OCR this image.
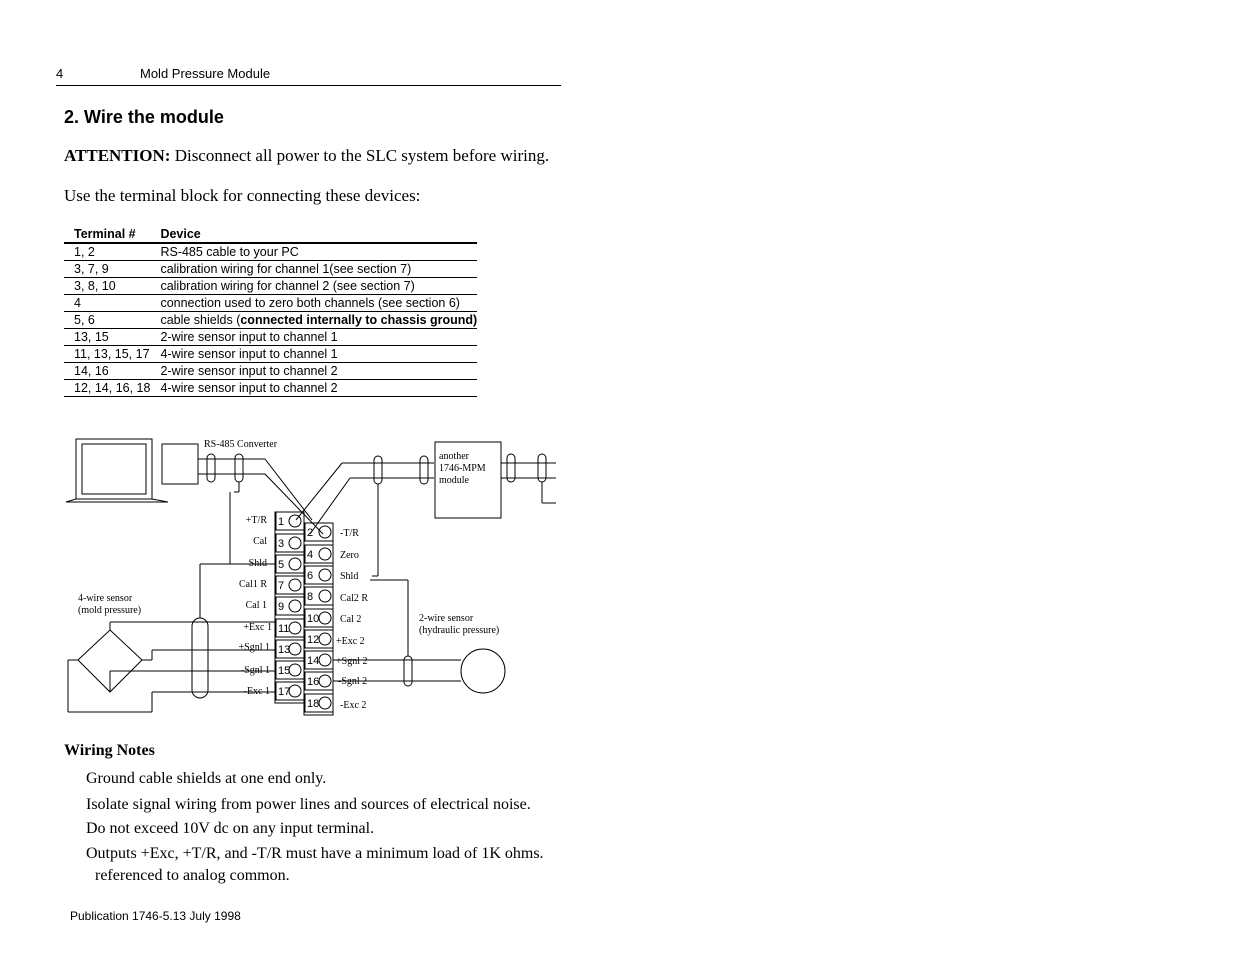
4	Mold Pressure Module
2. Wire the module
ATTENTION: Disconnect all power to the SLC system before wiring.
Use the terminal block for connecting these devices:
Terminal #	Device
1, 2	RS-485 cable to your PC
3, 7, 9	calibration wiring for channel 1(see section 7)
3, 8, 10	calibration wiring for channel 2 (see section 7)
4	connection used to zero both channels (see section 6)
5, 6	cable shields (connected internally to chassis ground)
13, 15	2-wire sensor input to channel 1
11, 13, 15, 17	4-wire sensor input to channel 1
14, 16	2-wire sensor input to channel 2
12, 14, 16, 18	4-wire sensor input to channel 2
RS-485 Converter
another
1746-MPM
module
1
3
5
7
9
11
13
15
17
2
4
6
8
10
12
14
16
18
+T/R
Cal
Shld
Cal1 R
Cal 1
+Exc 1
+Sgnl 1
-Sgnl 1
-Exc 1
-T/R
Zero
Shld
Cal2 R
Cal 2
+Exc 2
+Sgnl 2
-Sgnl 2
-Exc 2
4-wire sensor
(mold pressure)
2-wire sensor
(hydraulic pressure)
Wiring Notes
Ground cable shields at one end only.
Isolate signal wiring from power lines and sources of electrical noise.
Do not exceed 10V dc on any input terminal.
Outputs +Exc, +T/R, and -T/R must have a minimum load of 1K ohms.
referenced to analog common.
Publication 1746-5.13 July 1998
